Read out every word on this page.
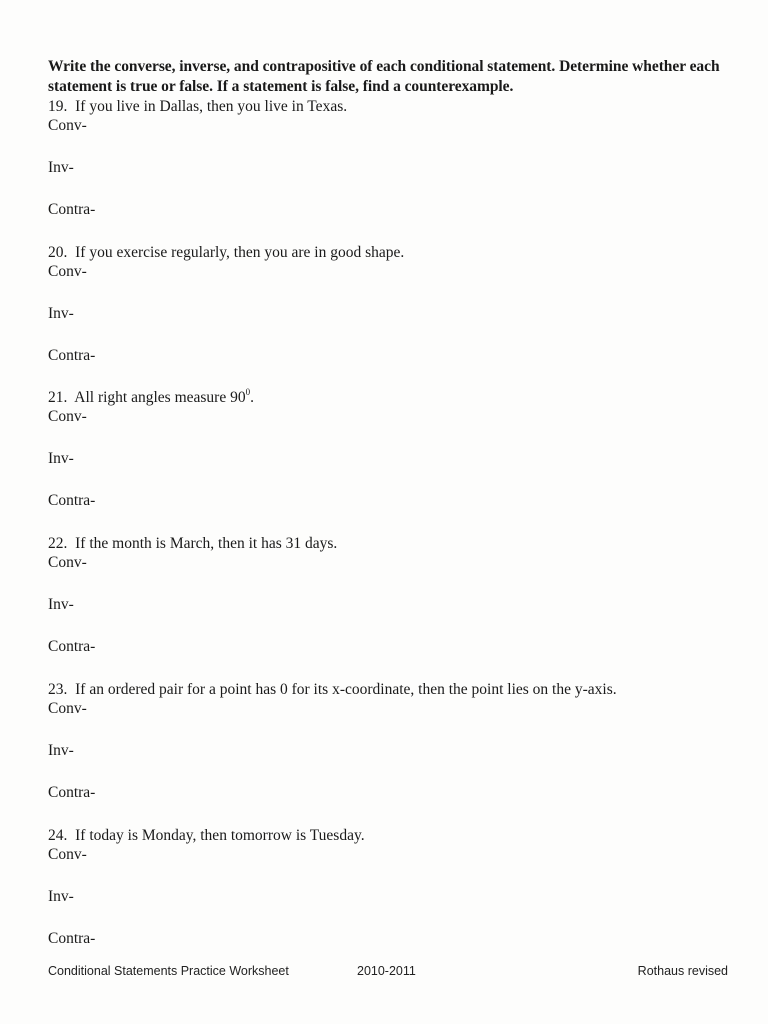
Write the converse, inverse, and contrapositive of each conditional statement. Determine whether each statement is true or false. If a statement is false, find a counterexample.
19. If you live in Dallas, then you live in Texas.
Conv-
Inv-
Contra-
20. If you exercise regularly, then you are in good shape.
Conv-
Inv-
Contra-
21. All right angles measure $90^0$.
Conv-
Inv-
Contra-
22. If the month is March, then it has 31 days.
Conv-
Inv-
Contra-
23. If an ordered pair for a point has 0 for its x-coordinate, then the point lies on the y-axis.
Conv-
Inv-
Contra-
24. If today is Monday, then tomorrow is Tuesday.
Conv-
Inv-
Contra-
Conditional Statements Practice Worksheet	2010-2011	Rothaus revised
